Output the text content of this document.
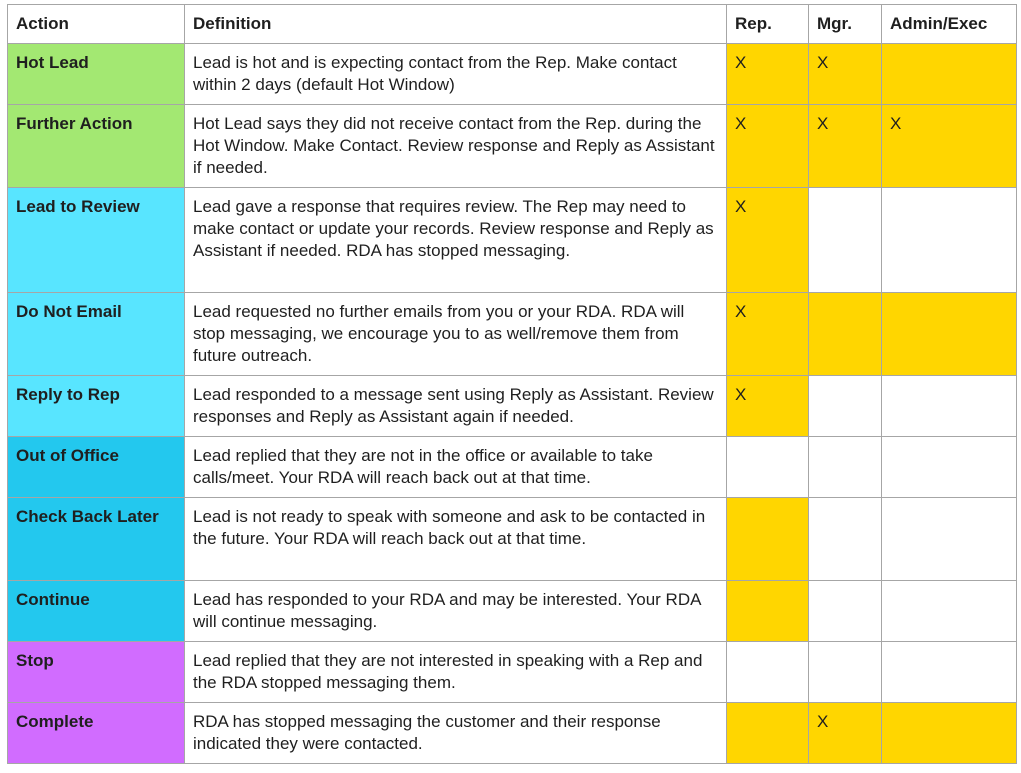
Action	Definition	Rep.	Mgr.	Admin/Exec
Hot Lead	Lead is hot and is expecting contact from the Rep. Make contact within 2 days (default Hot Window)	X	X	
Further Action	Hot Lead says they did not receive contact from the Rep. during the Hot Window. Make Contact. Review response and Reply as Assistant if needed.	X	X	X
Lead to Review	Lead gave a response that requires review. The Rep may need to make contact or update your records. Review response and Reply as Assistant if needed. RDA has stopped messaging.	X		
Do Not Email	Lead requested no further emails from you or your RDA. RDA will stop messaging, we encourage you to as well/remove them from future outreach.	X		
Reply to Rep	Lead responded to a message sent using Reply as Assistant. Review responses and Reply as Assistant again if needed.	X		
Out of Office	Lead replied that they are not in the office or available to take calls/meet. Your RDA will reach back out at that time.			
Check Back Later	Lead is not ready to speak with someone and ask to be contacted in the future. Your RDA will reach back out at that time.			
Continue	Lead has responded to your RDA and may be interested. Your RDA will continue messaging.			
Stop	Lead replied that they are not interested in speaking with a Rep and the RDA stopped messaging them.			
Complete	RDA has stopped messaging the customer and their response indicated they were contacted.		X	
